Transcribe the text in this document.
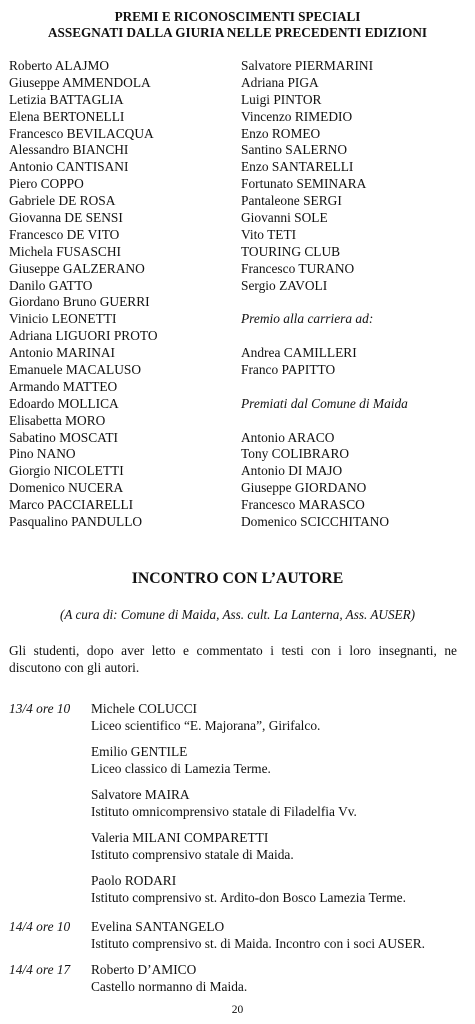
PREMI E RICONOSCIMENTI SPECIALI
ASSEGNATI DALLA GIURIA NELLE PRECEDENTI EDIZIONI
Roberto ALAJMO
Giuseppe AMMENDOLA
Letizia BATTAGLIA
Elena BERTONELLI
Francesco BEVILACQUA
Alessandro BIANCHI
Antonio CANTISANI
Piero COPPO
Gabriele DE ROSA
Giovanna DE SENSI
Francesco DE VITO
Michela FUSASCHI
Giuseppe GALZERANO
Danilo GATTO
Giordano Bruno GUERRI
Vinicio LEONETTI
Adriana LIGUORI PROTO
Antonio MARINAI
Emanuele MACALUSO
Armando MATTEO
Edoardo MOLLICA
Elisabetta MORO
Sabatino MOSCATI
Pino NANO
Giorgio NICOLETTI
Domenico NUCERA
Marco PACCIARELLI
Pasqualino PANDULLO
Salvatore PIERMARINI
Adriana PIGA
Luigi PINTOR
Vincenzo RIMEDIO
Enzo ROMEO
Santino SALERNO
Enzo SANTARELLI
Fortunato SEMINARA
Pantaleone SERGI
Giovanni SOLE
Vito TETI
TOURING CLUB
Francesco TURANO
Sergio ZAVOLI
Premio alla carriera ad:
Andrea CAMILLERI
Franco PAPITTO
Premiati dal Comune di Maida
Antonio ARACO
Tony COLIBRARO
Antonio DI MAJO
Giuseppe GIORDANO
Francesco MARASCO
Domenico SCICCHITANO
INCONTRO CON L’AUTORE
(A cura di: Comune di Maida, Ass. cult. La Lanterna, Ass. AUSER)
Gli studenti, dopo aver letto e commentato i testi con i loro insegnanti, ne discutono con gli autori.
13/4 ore 10	Michele COLUCCI
Liceo scientifico “E. Majorana”, Girifalco.
Emilio GENTILE
Liceo classico di Lamezia Terme.
Salvatore MAIRA
Istituto omnicomprensivo statale di Filadelfia Vv.
Valeria MILANI COMPARETTI
Istituto comprensivo statale di Maida.
Paolo RODARI
Istituto comprensivo st. Ardito-don Bosco Lamezia Terme.
14/4 ore 10	Evelina SANTANGELO
Istituto comprensivo st. di Maida. Incontro con i soci AUSER.
14/4 ore 17	Roberto D’AMICO
Castello normanno di Maida.
20
